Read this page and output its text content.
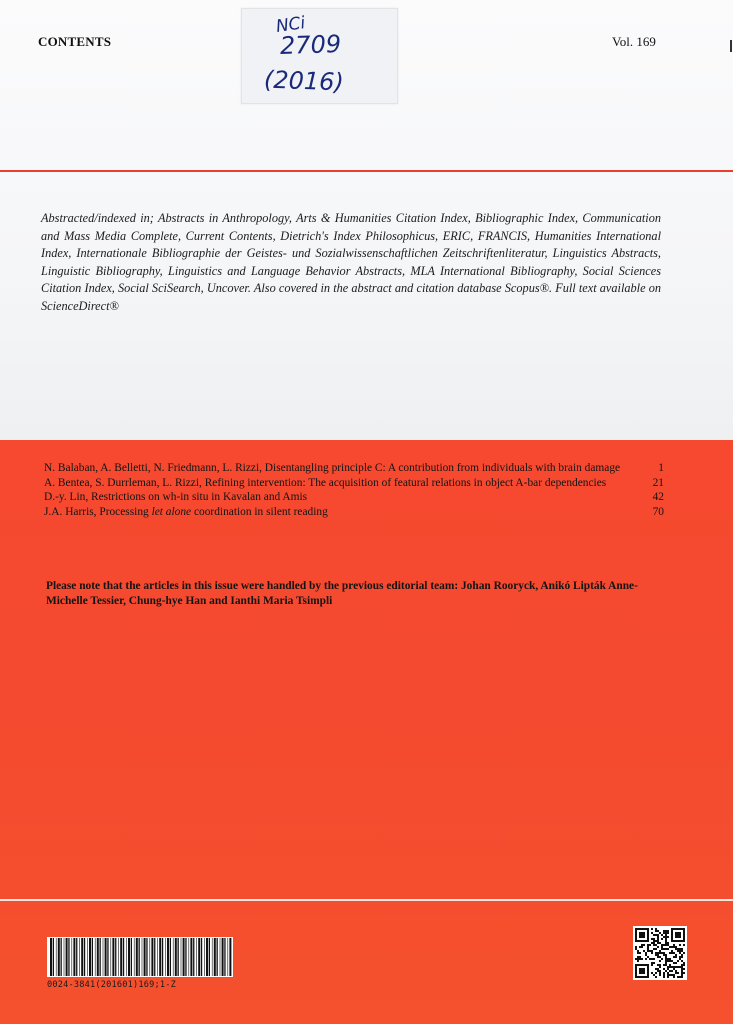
CONTENTS	Vol. 169
NCi
2709
(2016)
Abstracted/indexed in; Abstracts in Anthropology, Arts & Humanities Citation Index, Bibliographic Index, Communication and Mass Media Complete, Current Contents, Dietrich's Index Philosophicus, ERIC, FRANCIS, Humanities International Index, Internationale Bibliographie der Geistes- und Sozialwissenschaftlichen Zeitschriftenliteratur, Linguistics Abstracts, Linguistic Bibliography, Linguistics and Language Behavior Abstracts, MLA International Bibliography, Social Sciences Citation Index, Social SciSearch, Uncover. Also covered in the abstract and citation database Scopus®. Full text available on ScienceDirect®
N. Balaban, A. Belletti, N. Friedmann, L. Rizzi, Disentangling principle C: A contribution from individuals with brain damage	1
A. Bentea, S. Durrleman, L. Rizzi, Refining intervention: The acquisition of featural relations in object A-bar dependencies	21
D.-y. Lin, Restrictions on wh-in situ in Kavalan and Amis	42
J.A. Harris, Processing let alone coordination in silent reading	70
Please note that the articles in this issue were handled by the previous editorial team: Johan Rooryck, Anikó Lipták Anne-Michelle Tessier, Chung-hye Han and Ianthi Maria Tsimpli
0024-3841(201601)169;1-Z
